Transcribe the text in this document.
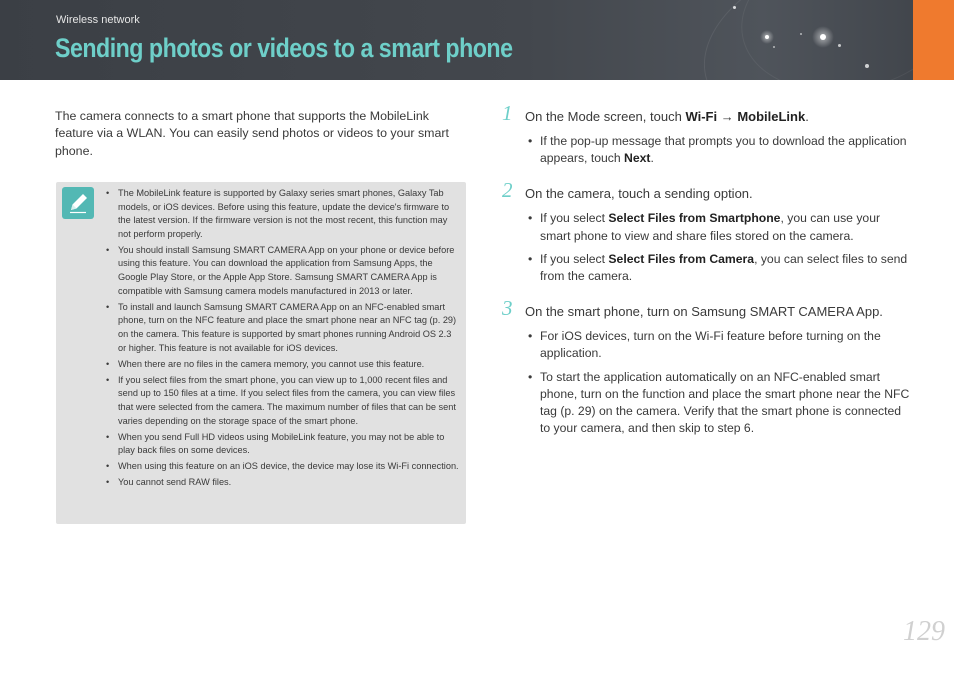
Wireless network
Sending photos or videos to a smart phone

The camera connects to a smart phone that supports the MobileLink feature via a WLAN. You can easily send photos or videos to your smart phone.

• The MobileLink feature is supported by Galaxy series smart phones, Galaxy Tab models, or iOS devices. Before using this feature, update the device's firmware to the latest version. If the firmware version is not the most recent, this function may not perform properly.
• You should install Samsung SMART CAMERA App on your phone or device before using this feature. You can download the application from Samsung Apps, the Google Play Store, or the Apple App Store. Samsung SMART CAMERA App is compatible with Samsung camera models manufactured in 2013 or later.
• To install and launch Samsung SMART CAMERA App on an NFC-enabled smart phone, turn on the NFC feature and place the smart phone near an NFC tag (p. 29) on the camera. This feature is supported by smart phones running Android OS 2.3 or higher. This feature is not available for iOS devices.
• When there are no files in the camera memory, you cannot use this feature.
• If you select files from the smart phone, you can view up to 1,000 recent files and send up to 150 files at a time. If you select files from the camera, you can view files that were selected from the camera. The maximum number of files that can be sent varies depending on the storage space of the smart phone.
• When you send Full HD videos using MobileLink feature, you may not be able to play back files on some devices.
• When using this feature on an iOS device, the device may lose its Wi-Fi connection.
• You cannot send RAW files.
1 On the Mode screen, touch Wi-Fi → MobileLink.
• If the pop-up message that prompts you to download the application appears, touch Next.
2 On the camera, touch a sending option.
• If you select Select Files from Smartphone, you can use your smart phone to view and share files stored on the camera.
• If you select Select Files from Camera, you can select files to send from the camera.
3 On the smart phone, turn on Samsung SMART CAMERA App.
• For iOS devices, turn on the Wi-Fi feature before turning on the application.
• To start the application automatically on an NFC-enabled smart phone, turn on the function and place the smart phone near the NFC tag (p. 29) on the camera. Verify that the smart phone is connected to your camera, and then skip to step 6.
129
